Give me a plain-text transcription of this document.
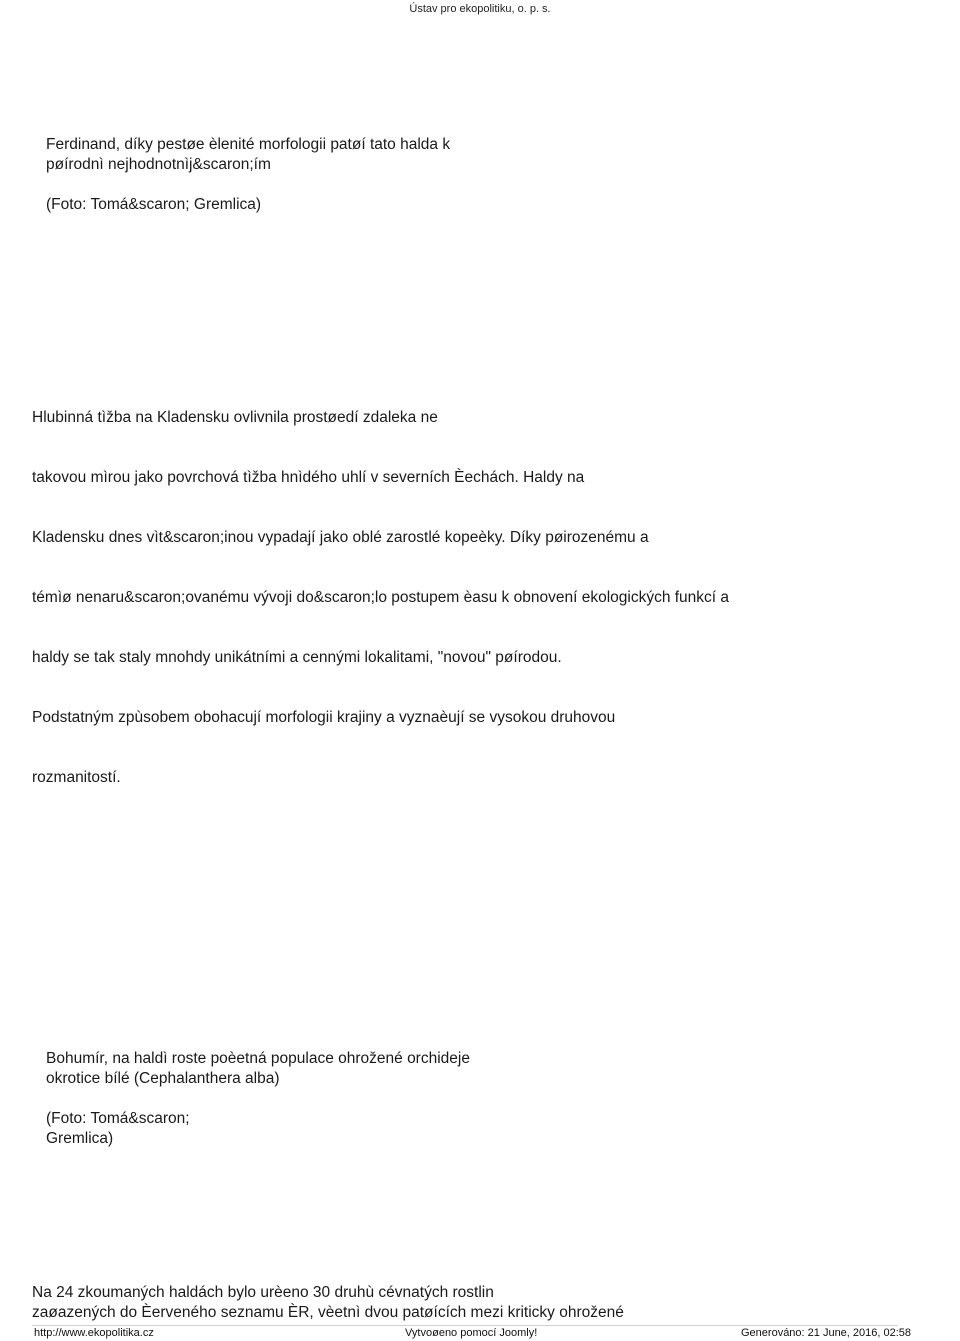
Ústav pro ekopolitiku, o. p. s.
Ferdinand, díky pestøe èlenité morfologii patøí tato halda k
pøírodnì nejhodnotnìj&scaron;ím
(Foto: Tomá&scaron; Gremlica)

Hlubinná tìžba na Kladensku ovlivnila prostøedí zdaleka ne

takovou mìrou jako povrchová tìžba hnìdého uhlí v severních Èechách. Haldy na

Kladensku dnes vìt&scaron;inou vypadají jako oblé zarostlé kopeèky. Díky pøirozenému a

témìø nenaru&scaron;ovanému vývoji do&scaron;lo postupem èasu k obnovení ekologických funkcí a

haldy se tak staly mnohdy unikátními a cennými lokalitami, "novou" pøírodou.

Podstatným zpùsobem obohacují morfologii krajiny a vyznaèují se vysokou druhovou

rozmanitostí.

Bohumír, na haldì roste poèetná populace ohrožené orchideje
okrotice bílé (Cephalanthera alba)
(Foto: Tomá&scaron;
Gremlica)
Na 24 zkoumaných haldách bylo urèeno 30 druhù cévnatých rostlin
zaøazených do Èerveného seznamu ÈR, vèetnì dvou patøících mezi kriticky ohrožené
http://www.ekopolitika.cz	Vytvoøeno pomocí Joomly!	Generováno: 21 June, 2016, 02:58
